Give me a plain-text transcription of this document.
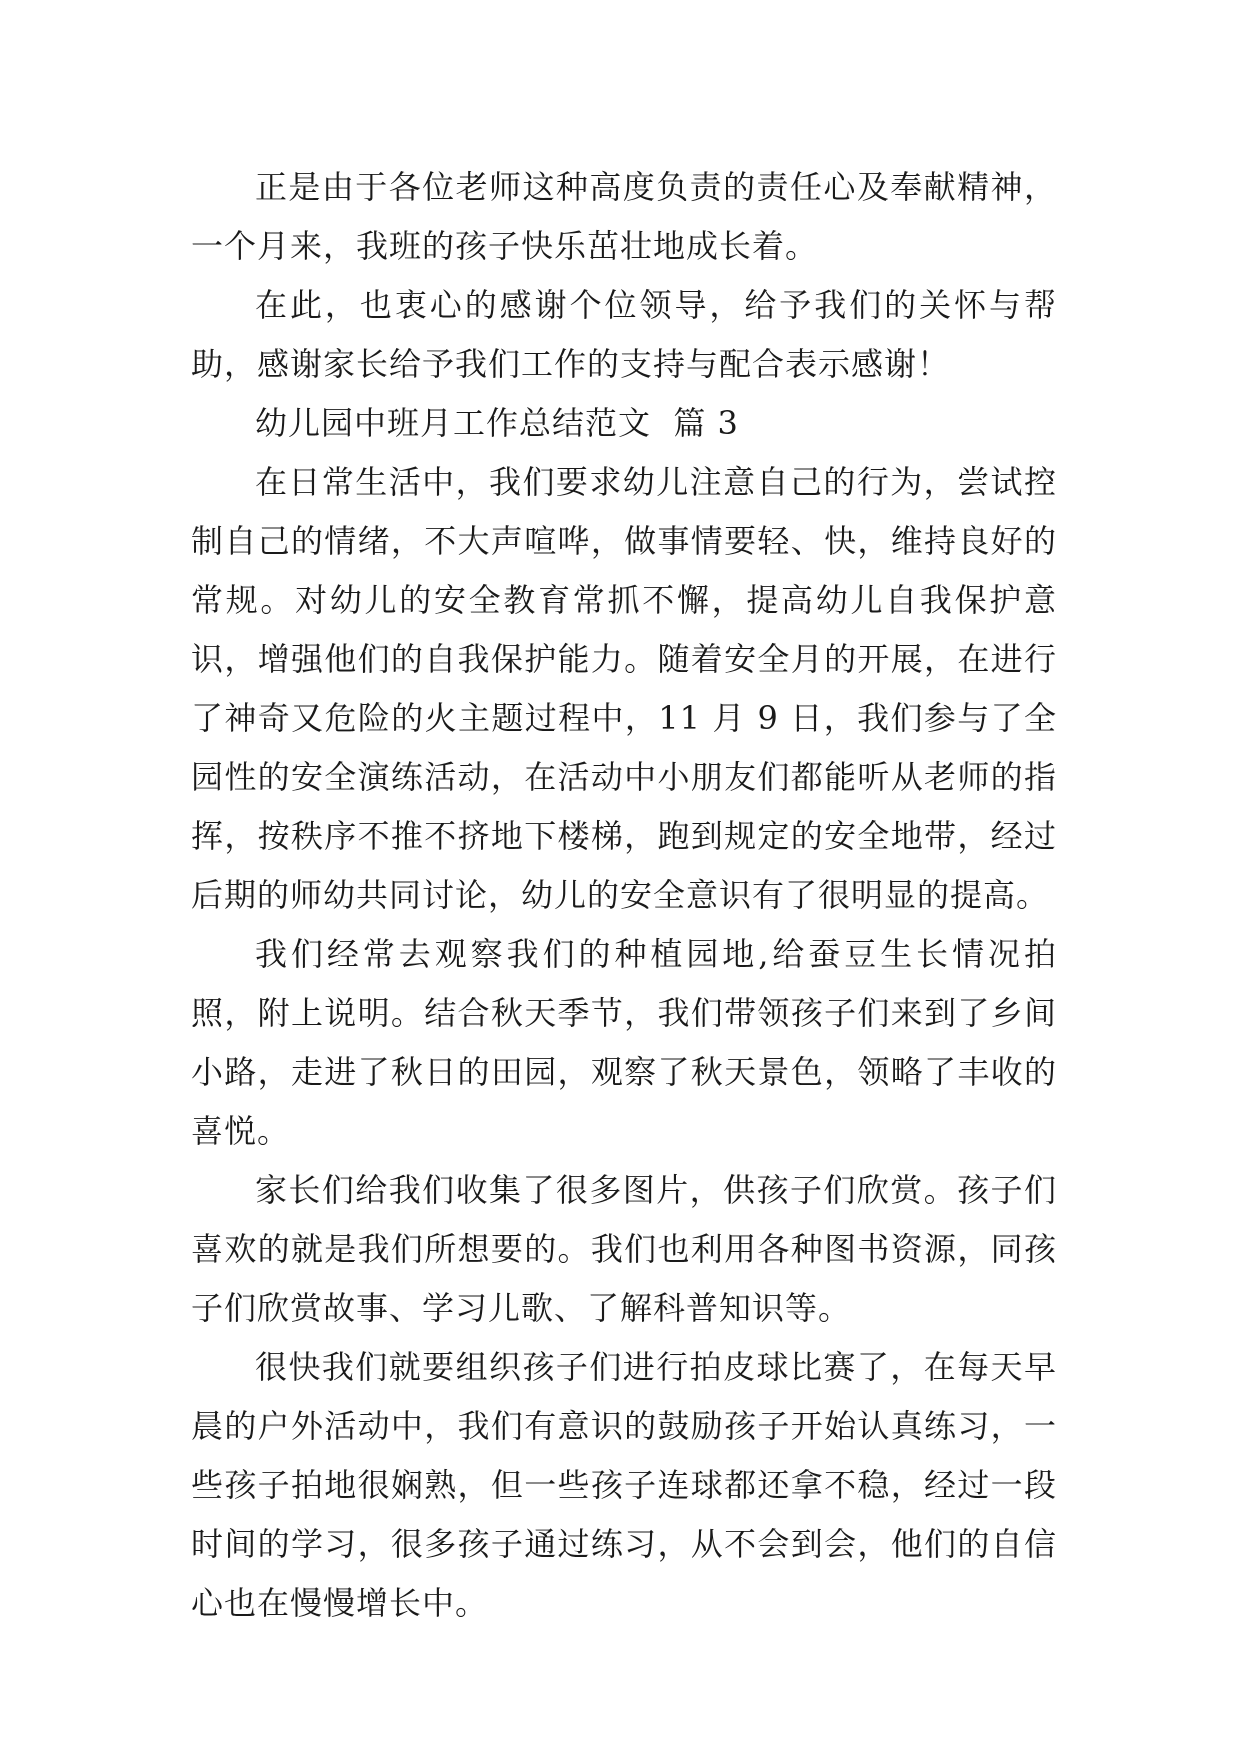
正是由于各位老师这种高度负责的责任心及奉献精神，一个月来，我班的孩子快乐茁壮地成长着。

在此，也衷心的感谢个位领导，给予我们的关怀与帮助，感谢家长给予我们工作的支持与配合表示感谢！

幼儿园中班月工作总结范文  篇 3

在日常生活中，我们要求幼儿注意自己的行为，尝试控制自己的情绪，不大声喧哗，做事情要轻、快，维持良好的常规。对幼儿的安全教育常抓不懈，提高幼儿自我保护意识，增强他们的自我保护能力。随着安全月的开展，在进行了神奇又危险的火主题过程中，11 月 9 日，我们参与了全园性的安全演练活动，在活动中小朋友们都能听从老师的指挥，按秩序不推不挤地下楼梯，跑到规定的安全地带，经过后期的师幼共同讨论，幼儿的安全意识有了很明显的提高。

我们经常去观察我们的种植园地,给蚕豆生长情况拍照，附上说明。结合秋天季节，我们带领孩子们来到了乡间小路，走进了秋日的田园，观察了秋天景色，领略了丰收的喜悦。

家长们给我们收集了很多图片，供孩子们欣赏。孩子们喜欢的就是我们所想要的。我们也利用各种图书资源，同孩子们欣赏故事、学习儿歌、了解科普知识等。

很快我们就要组织孩子们进行拍皮球比赛了，在每天早晨的户外活动中，我们有意识的鼓励孩子开始认真练习，一些孩子拍地很娴熟，但一些孩子连球都还拿不稳，经过一段时间的学习，很多孩子通过练习，从不会到会，他们的自信心也在慢慢增长中。
